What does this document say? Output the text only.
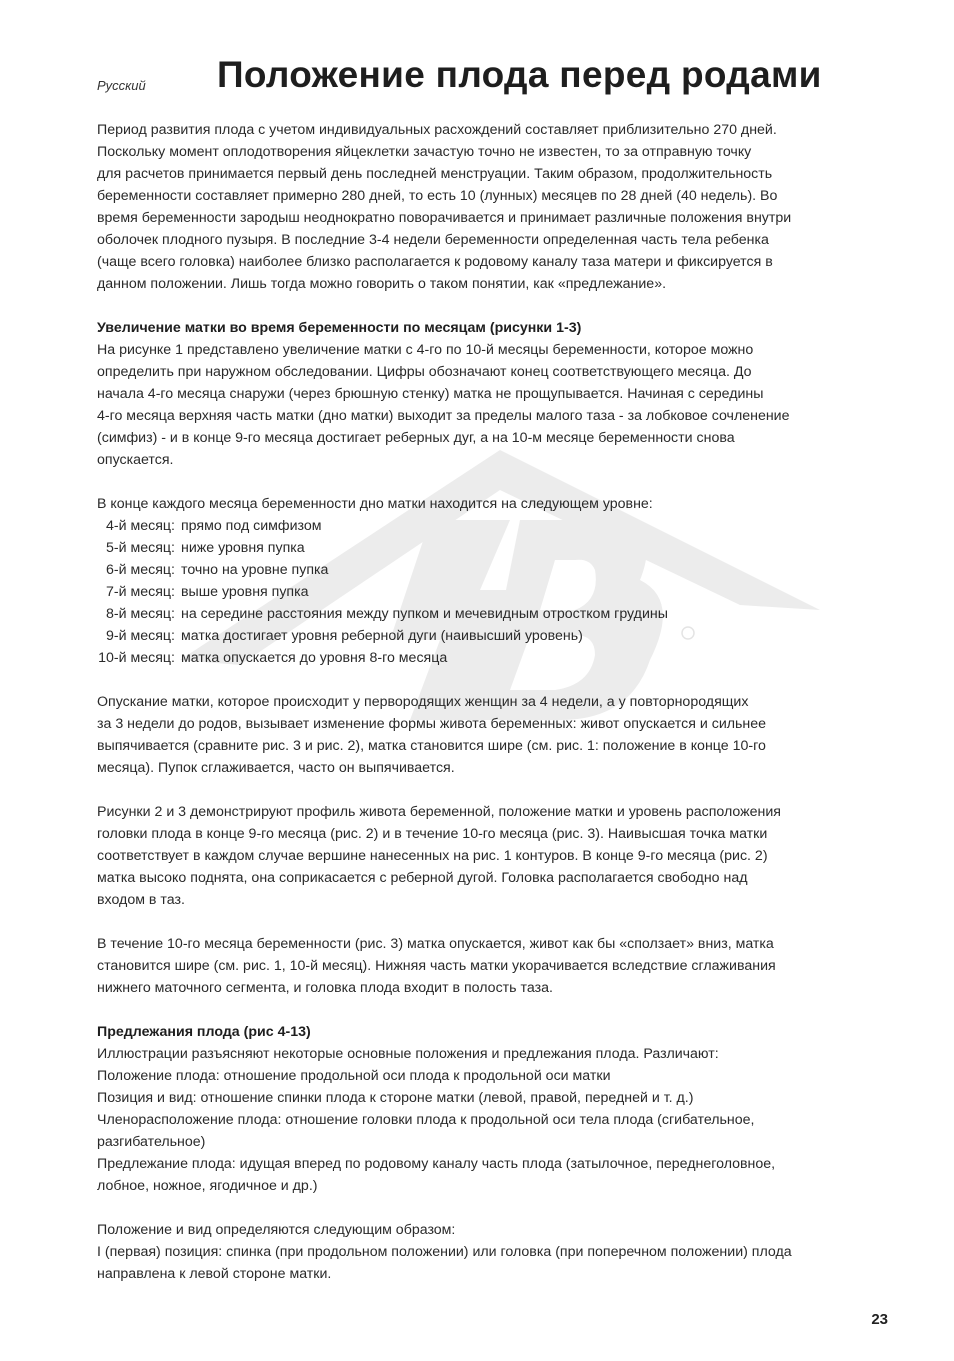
Русский Положение плода перед родами

Период развития плода с учетом индивидуальных расхождений составляет приблизительно 270 дней.
Поскольку момент оплодотворения яйцеклетки зачастую точно не известен, то за отправную точку
для расчетов принимается первый день последней менструации. Таким образом, продолжительность
беременности составляет примерно 280 дней, то есть 10 (лунных) месяцев по 28 дней (40 недель). Во
время беременности зародыш неоднократно поворачивается и принимает различные положения внутри
оболочек плодного пузыря. В последние 3-4 недели беременности определенная часть тела ребенка
(чаще всего головка) наиболее близко располагается к родовому каналу таза матери и фиксируется в
данном положении. Лишь тогда можно говорить о таком понятии, как «предлежание».

Увеличение матки во время беременности по месяцам (рисунки 1-3)

На рисунке 1 представлено увеличение матки с 4-го по 10-й месяцы беременности, которое можно
определить при наружном обследовании. Цифры обозначают конец соответствующего месяца. До
начала 4-го месяца снаружи (через брюшную стенку) матка не прощупывается. Начиная с середины
4-го месяца верхняя часть матки (дно матки) выходит за пределы малого таза - за лобковое сочленение
(симфиз) - и в конце 9-го месяца достигает реберных дуг, а на 10-м месяце беременности снова
опускается.

В конце каждого месяца беременности дно матки находится на следующем уровне:

4-й месяц: прямо под симфизом
5-й месяц: ниже уровня пупка
6-й месяц: точно на уровне пупка
7-й месяц: выше уровня пупка
8-й месяц: на середине расстояния между пупком и мечевидным отростком грудины
9-й месяц: матка достигает уровня реберной дуги (наивысший уровень)
10-й месяц: матка опускается до уровня 8-го месяца

Опускание матки, которое происходит у первородящих женщин за 4 недели, а у повторнородящих
за 3 недели до родов, вызывает изменение формы живота беременных: живот опускается и сильнее
выпячивается (сравните рис. 3 и рис. 2), матка становится шире (см. рис. 1: положение в конце 10-го
месяца). Пупок сглаживается, часто он выпячивается.

Рисунки 2 и 3 демонстрируют профиль живота беременной, положение матки и уровень расположения
головки плода в конце 9-го месяца (рис. 2) и в течение 10-го месяца (рис. 3). Наивысшая точка матки
соответствует в каждом случае вершине нанесенных на рис. 1 контуров. В конце 9-го месяца (рис. 2)
матка высоко поднята, она соприкасается с реберной дугой. Головка располагается свободно над
входом в таз.

В течение 10-го месяца беременности (рис. 3) матка опускается, живот как бы «сползает» вниз, матка
становится шире (см. рис. 1, 10-й месяц). Нижняя часть матки укорачивается вследствие сглаживания
нижнего маточного сегмента, и головка плода входит в полость таза.

Предлежания плода (рис 4-13)

Иллюстрации разъясняют некоторые основные положения и предлежания плода. Различают:
Положение плода: отношение продольной оси плода к продольной оси матки
Позиция и вид: отношение спинки плода к стороне матки (левой, правой, передней и т. д.)
Членорасположение плода: отношение головки плода к продольной оси тела плода (сгибательное,
разгибательное)
Предлежание плода: идущая вперед по родовому каналу часть плода (затылочное, переднеголовное,
лобное, ножное, ягодичное и др.)

Положение и вид определяются следующим образом:
I (первая) позиция: спинка (при продольном положении) или головка (при поперечном положении) плода
направлена к левой стороне матки.

23
